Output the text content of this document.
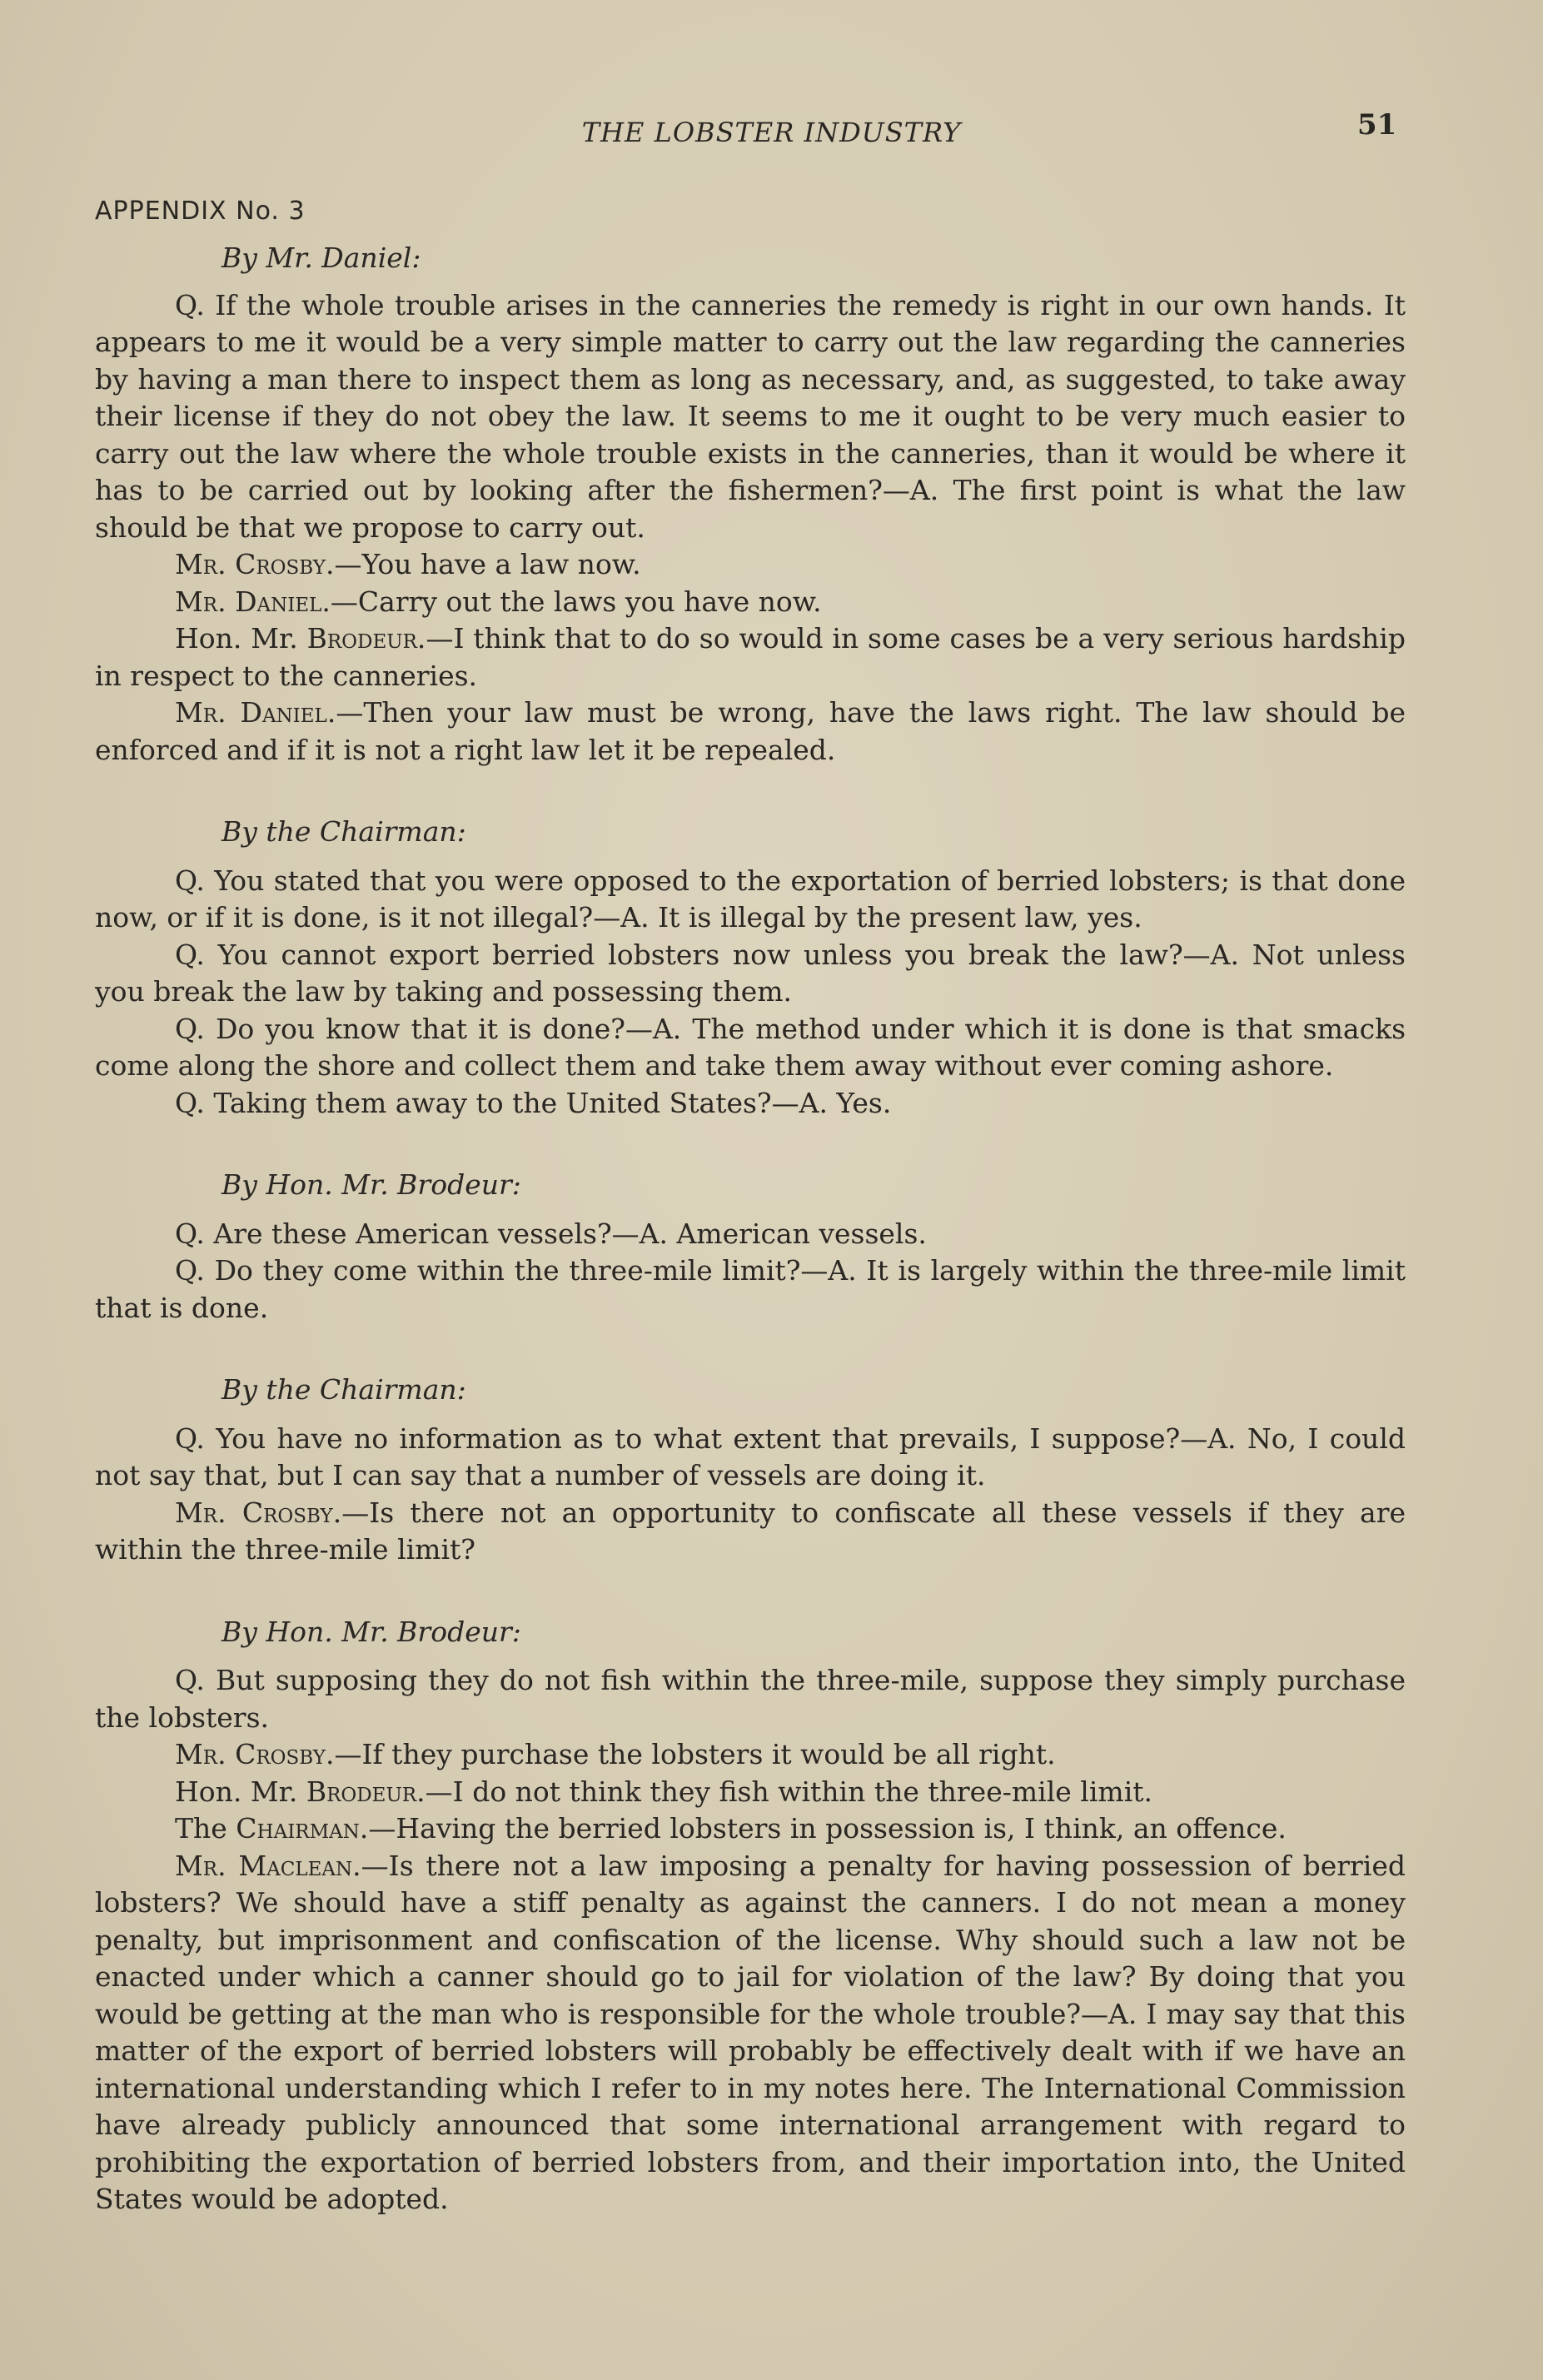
THE LOBSTER INDUSTRY	51
APPENDIX No. 3

By Mr. Daniel:

Q. If the whole trouble arises in the canneries the remedy is right in our own hands. It appears to me it would be a very simple matter to carry out the law regarding the canneries by having a man there to inspect them as long as necessary, and, as suggested, to take away their license if they do not obey the law. It seems to me it ought to be very much easier to carry out the law where the whole trouble exists in the canneries, than it would be where it has to be carried out by looking after the fishermen?—A. The first point is what the law should be that we propose to carry out.

Mr. Crosby.—You have a law now.

Mr. Daniel.—Carry out the laws you have now.

Hon. Mr. Brodeur.—I think that to do so would in some cases be a very serious hardship in respect to the canneries.

Mr. Daniel.—Then your law must be wrong, have the laws right. The law should be enforced and if it is not a right law let it be repealed.

By the Chairman:

Q. You stated that you were opposed to the exportation of berried lobsters; is that done now, or if it is done, is it not illegal?—A. It is illegal by the present law, yes.

Q. You cannot export berried lobsters now unless you break the law?—A. Not unless you break the law by taking and possessing them.

Q. Do you know that it is done?—A. The method under which it is done is that smacks come along the shore and collect them and take them away without ever coming ashore.

Q. Taking them away to the United States?—A. Yes.

By Hon. Mr. Brodeur:

Q. Are these American vessels?—A. American vessels.

Q. Do they come within the three-mile limit?—A. It is largely within the three-mile limit that is done.

By the Chairman:

Q. You have no information as to what extent that prevails, I suppose?—A. No, I could not say that, but I can say that a number of vessels are doing it.

Mr. Crosby.—Is there not an opportunity to confiscate all these vessels if they are within the three-mile limit?

By Hon. Mr. Brodeur:

Q. But supposing they do not fish within the three-mile, suppose they simply purchase the lobsters.

Mr. Crosby.—If they purchase the lobsters it would be all right.

Hon. Mr. Brodeur.—I do not think they fish within the three-mile limit.

The Chairman.—Having the berried lobsters in possession is, I think, an offence.

Mr. Maclean.—Is there not a law imposing a penalty for having possession of berried lobsters? We should have a stiff penalty as against the canners. I do not mean a money penalty, but imprisonment and confiscation of the license. Why should such a law not be enacted under which a canner should go to jail for violation of the law? By doing that you would be getting at the man who is responsible for the whole trouble?—A. I may say that this matter of the export of berried lobsters will probably be effectively dealt with if we have an international understanding which I refer to in my notes here. The International Commission have already publicly announced that some international arrangement with regard to prohibiting the exportation of berried lobsters from, and their importation into, the United States would be adopted.
